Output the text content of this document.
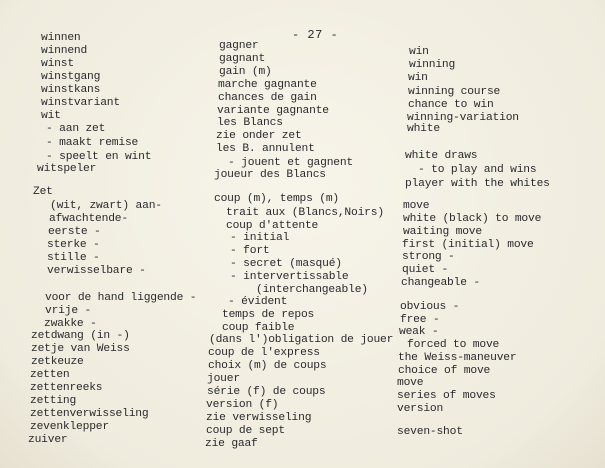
- 27 -
winnen
winnend
winst
winstgang
winstkans
winstvariant
wit
- aan zet
- maakt remise
- speelt en wint
witspeler
Zet
(wit, zwart) aan-
afwachtende-
eerste -
sterke -
stille -
verwisselbare -
voor de hand liggende -
vrije -
zwakke -
zetdwang (in -)
zetje van Weiss
zetkeuze
zetten
zettenreeks
zetting
zettenverwisseling
zevenklepper
zuiver
gagner
gagnant
gain (m)
marche gagnante
chances de gain
variante gagnante
les Blancs
zie onder zet
les B. annulent
- jouent et gagnent
joueur des Blancs
coup (m), temps (m)
trait aux (Blancs,Noirs)
coup d'attente
- initial
- fort
- secret (masqué)
- intervertissable
(interchangeable)
- évident
temps de repos
coup faible
(dans l')obligation de jouer
coup de l'express
choix (m) de coups
jouer
série (f) de coups
version (f)
zie verwisseling
coup de sept
zie gaaf
win
winning
win
winning course
chance to win
winning-variation
white
white draws
- to play and wins
player with the whites
move
white (black) to move
waiting move
first (initial) move
strong -
quiet -
changeable -
obvious -
free -
weak -
forced to move
the Weiss-maneuver
choice of move
move
series of moves
version
seven-shot
